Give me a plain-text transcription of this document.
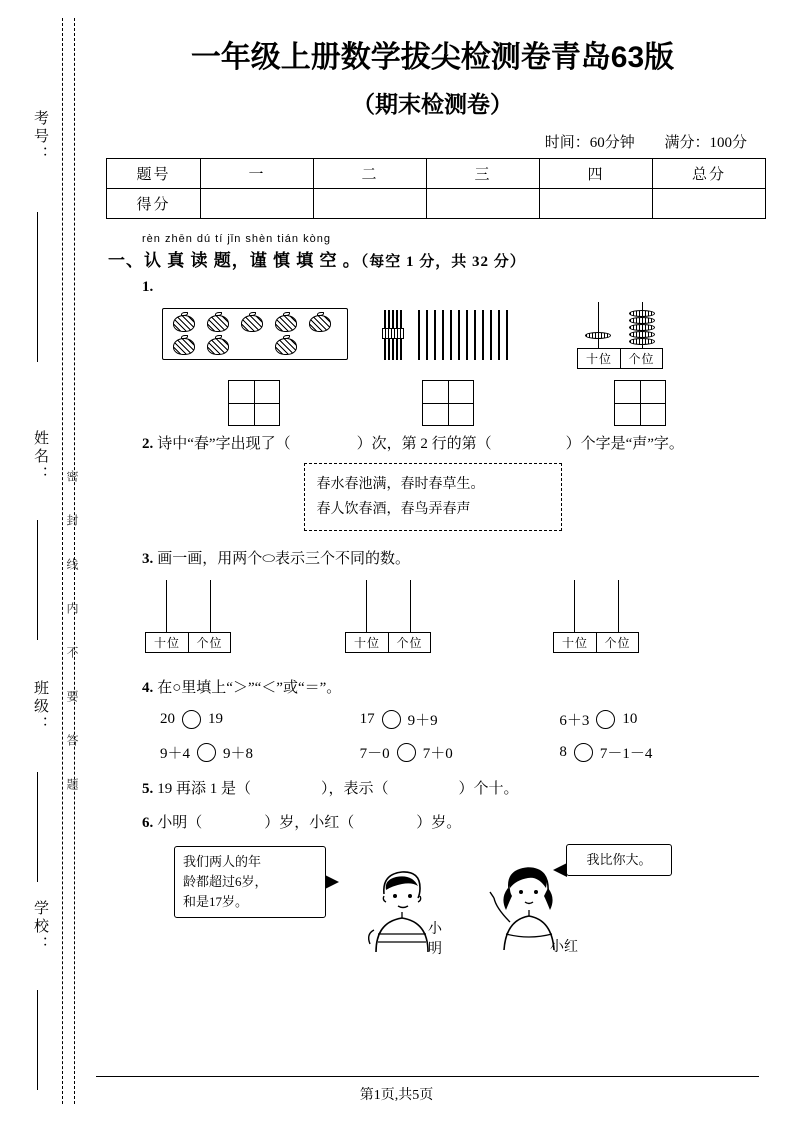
考号：
姓名：
班级：
学校：
密 封 线 内 不 要 答 题
一年级上册数学拔尖检测卷青岛63版
（期末检测卷）
时间：60分钟 满分：100分
题号	一	二	三	四	总分
得分					
rèn zhēn dú tí jǐn shèn tián kòng
一、认 真 读 题，谨 慎 填 空 。（每空 1 分，共 32 分）
1.
十位	个位
2. 诗中“春”字出现了（	）次，第 2 行的第（	）个字是“声”字。
春水春池满，春时春草生。
春人饮春酒，春鸟弄春声
3. 画一画，用两个⬭表示三个不同的数。
十位	个位	十位	个位	十位	个位
4. 在○里填上“＞”“＜”或“＝”。
20 19	17 9＋9	6＋3 10
9＋4 9＋8	7－0 7＋0	8 7－1－4
5. 19 再添 1 是（	），表示（	）个十。
6. 小明（	）岁，小红（	）岁。
我们两人的年
龄都超过6岁，
和是17岁。
小明	小红
我比你大。
第1页,共5页
